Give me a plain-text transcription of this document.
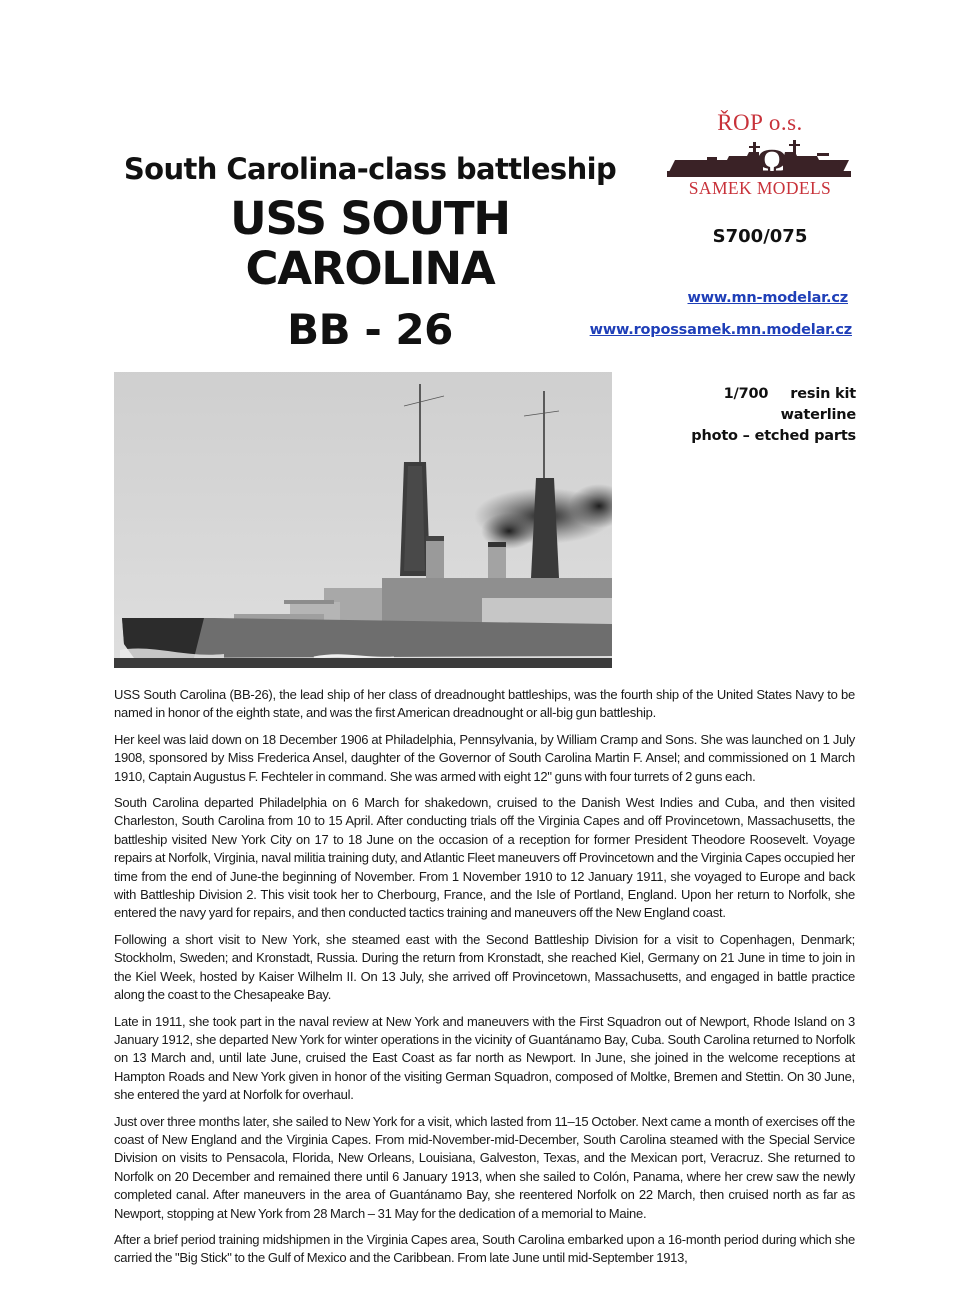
South Carolina-class battleship
USS SOUTH CAROLINA
BB - 26
ŘOP o.s.
Ω
SAMEK MODELS
S700/075
www.mn-modelar.cz
www.ropossamek.mn.modelar.cz
1/700 resin kit
waterline
photo – etched parts

USS South Carolina (BB-26), the lead ship of her class of dreadnought battleships, was the fourth ship of the United States Navy to be named in honor of the eighth state, and was the first American dreadnought or all-big gun battleship.

Her keel was laid down on 18 December 1906 at Philadelphia, Pennsylvania, by William Cramp and Sons. She was launched on 1 July 1908, sponsored by Miss Frederica Ansel, daughter of the Governor of South Carolina Martin F. Ansel; and commissioned on 1 March 1910, Captain Augustus F. Fechteler in command. She was armed with eight 12" guns with four turrets of 2 guns each.

South Carolina departed Philadelphia on 6 March for shakedown, cruised to the Danish West Indies and Cuba, and then visited Charleston, South Carolina from 10 to 15 April. After conducting trials off the Virginia Capes and off Provincetown, Massachusetts, the battleship visited New York City on 17 to 18 June on the occasion of a reception for former President Theodore Roosevelt. Voyage repairs at Norfolk, Virginia, naval militia training duty, and Atlantic Fleet maneuvers off Provincetown and the Virginia Capes occupied her time from the end of June-the beginning of November. From 1 November 1910 to 12 January 1911, she voyaged to Europe and back with Battleship Division 2. This visit took her to Cherbourg, France, and the Isle of Portland, England. Upon her return to Norfolk, she entered the navy yard for repairs, and then conducted tactics training and maneuvers off the New England coast.

Following a short visit to New York, she steamed east with the Second Battleship Division for a visit to Copenhagen, Denmark; Stockholm, Sweden; and Kronstadt, Russia. During the return from Kronstadt, she reached Kiel, Germany on 21 June in time to join in the Kiel Week, hosted by Kaiser Wilhelm II. On 13 July, she arrived off Provincetown, Massachusetts, and engaged in battle practice along the coast to the Chesapeake Bay.

Late in 1911, she took part in the naval review at New York and maneuvers with the First Squadron out of Newport, Rhode Island on 3 January 1912, she departed New York for winter operations in the vicinity of Guantánamo Bay, Cuba. South Carolina returned to Norfolk on 13 March and, until late June, cruised the East Coast as far north as Newport. In June, she joined in the welcome receptions at Hampton Roads and New York given in honor of the visiting German Squadron, composed of Moltke, Bremen and Stettin. On 30 June, she entered the yard at Norfolk for overhaul.

Just over three months later, she sailed to New York for a visit, which lasted from 11–15 October. Next came a month of exercises off the coast of New England and the Virginia Capes. From mid-November-mid-December, South Carolina steamed with the Special Service Division on visits to Pensacola, Florida, New Orleans, Louisiana, Galveston, Texas, and the Mexican port, Veracruz. She returned to Norfolk on 20 December and remained there until 6 January 1913, when she sailed to Colón, Panama, where her crew saw the newly completed canal. After maneuvers in the area of Guantánamo Bay, she reentered Norfolk on 22 March, then cruised north as far as Newport, stopping at New York from 28 March – 31 May for the dedication of a memorial to Maine.

After a brief period training midshipmen in the Virginia Capes area, South Carolina embarked upon a 16-month period during which she carried the "Big Stick" to the Gulf of Mexico and the Caribbean. From late June until mid-September 1913,
